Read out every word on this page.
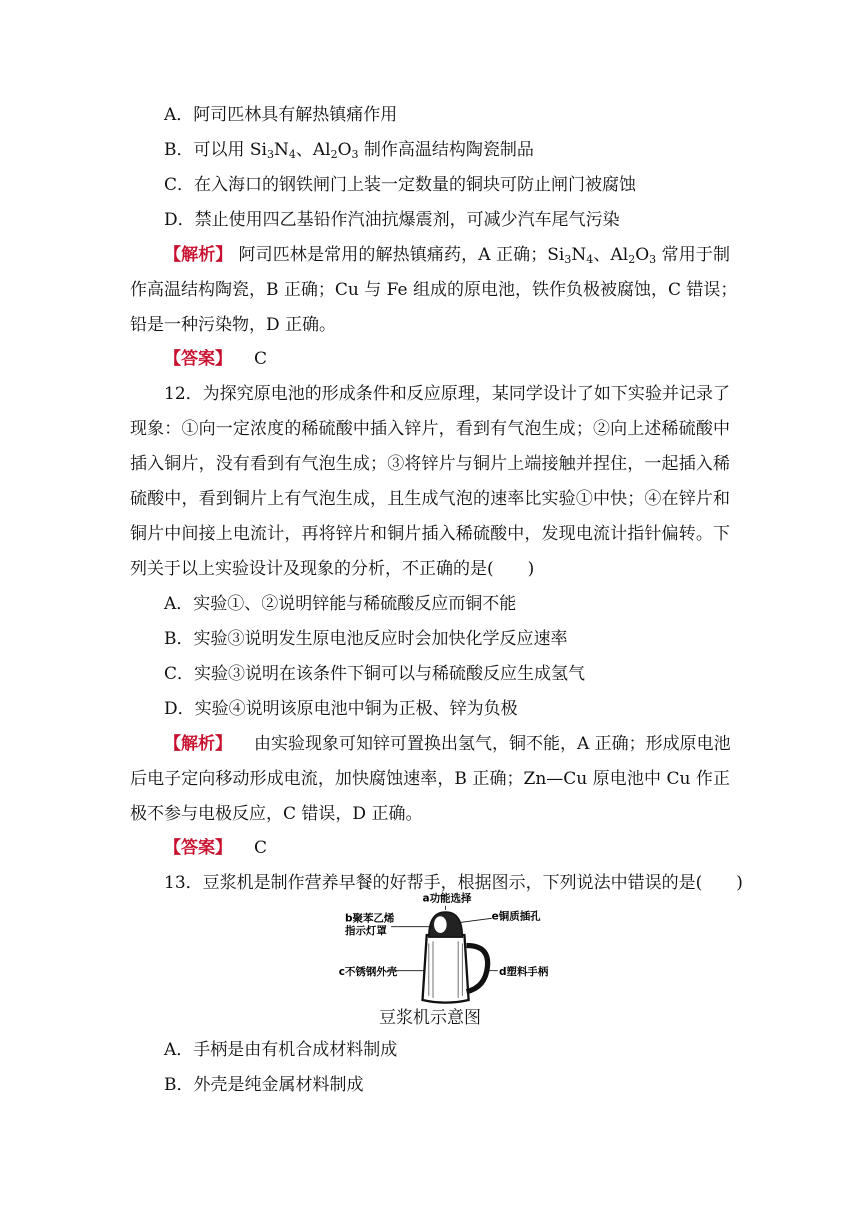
A．阿司匹林具有解热镇痛作用
B．可以用 $Si_3N_4$、$Al_2O_3$ 制作高温结构陶瓷制品
C．在入海口的钢铁闸门上装一定数量的铜块可防止闸门被腐蚀
D．禁止使用四乙基铅作汽油抗爆震剂，可减少汽车尾气污染
【解析】 阿司匹林是常用的解热镇痛药，A 正确；$Si_3N_4$、$Al_2O_3$ 常用于制
作高温结构陶瓷，B 正确；Cu 与 Fe 组成的原电池，铁作负极被腐蚀，C 错误；
铅是一种污染物，D 正确。
【答案】 C
12．为探究原电池的形成条件和反应原理，某同学设计了如下实验并记录了
现象：①向一定浓度的稀硫酸中插入锌片，看到有气泡生成；②向上述稀硫酸中
插入铜片，没有看到有气泡生成；③将锌片与铜片上端接触并捏住，一起插入稀
硫酸中，看到铜片上有气泡生成，且生成气泡的速率比实验①中快；④在锌片和
铜片中间接上电流计，再将锌片和铜片插入稀硫酸中，发现电流计指针偏转。下
列关于以上实验设计及现象的分析，不正确的是(　　)
A．实验①、②说明锌能与稀硫酸反应而铜不能
B．实验③说明发生原电池反应时会加快化学反应速率
C．实验③说明在该条件下铜可以与稀硫酸反应生成氢气
D．实验④说明该原电池中铜为正极、锌为负极
【解析】 由实验现象可知锌可置换出氢气，铜不能，A 正确；形成原电池
后电子定向移动形成电流，加快腐蚀速率，B 正确；Zn—Cu 原电池中 Cu 作正
极不参与电极反应，C 错误，D 正确。
【答案】 C
13．豆浆机是制作营养早餐的好帮手，根据图示，下列说法中错误的是(　　)
a功能选择
b聚苯乙烯
指示灯罩
e铜质插孔
c不锈钢外壳	d塑料手柄
豆浆机示意图
A．手柄是由有机合成材料制成
B．外壳是纯金属材料制成
